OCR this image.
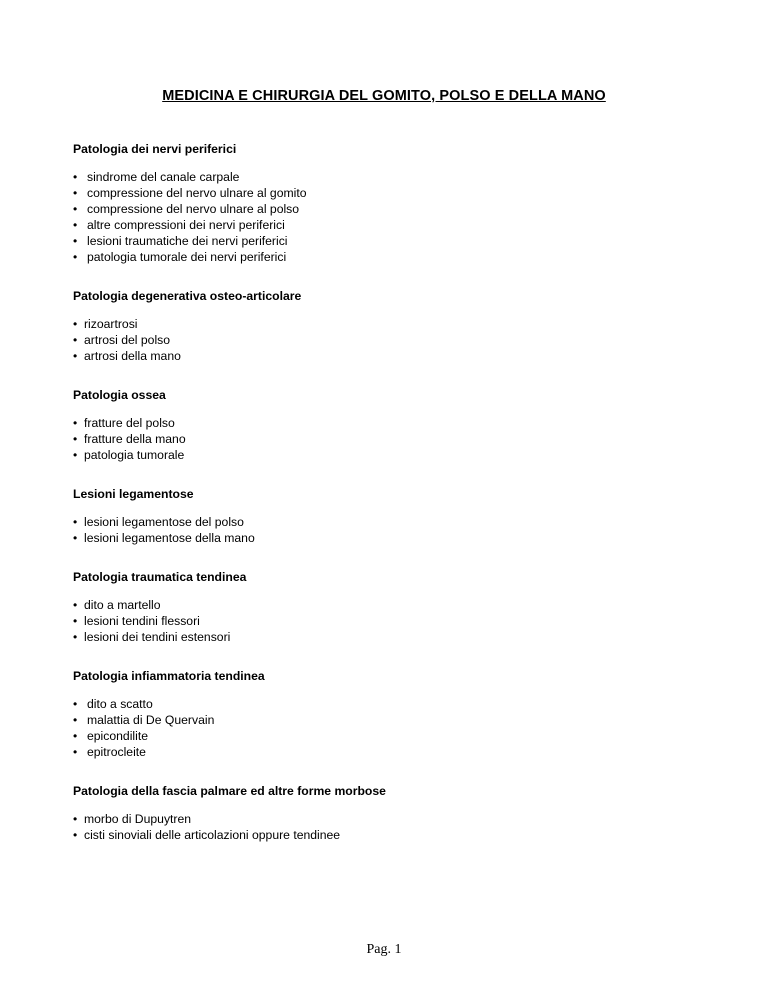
MEDICINA E CHIRURGIA DEL GOMITO, POLSO E DELLA MANO
Patologia dei nervi periferici
• sindrome del canale carpale
• compressione del nervo ulnare al gomito
• compressione del nervo ulnare al polso
• altre compressioni dei nervi periferici
• lesioni traumatiche dei nervi periferici
• patologia tumorale dei nervi periferici
Patologia degenerativa osteo-articolare
• rizoartrosi
• artrosi del polso
• artrosi della mano
Patologia ossea
• fratture del polso
• fratture della mano
• patologia tumorale
Lesioni legamentose
• lesioni legamentose del polso
• lesioni legamentose della mano
Patologia traumatica tendinea
• dito a martello
• lesioni tendini flessori
• lesioni dei tendini estensori
Patologia infiammatoria tendinea
• dito a scatto
• malattia di De Quervain
• epicondilite
• epitrocleite
Patologia della fascia palmare ed altre forme morbose
• morbo di Dupuytren
• cisti sinoviali delle articolazioni oppure tendinee
Pag. 1
